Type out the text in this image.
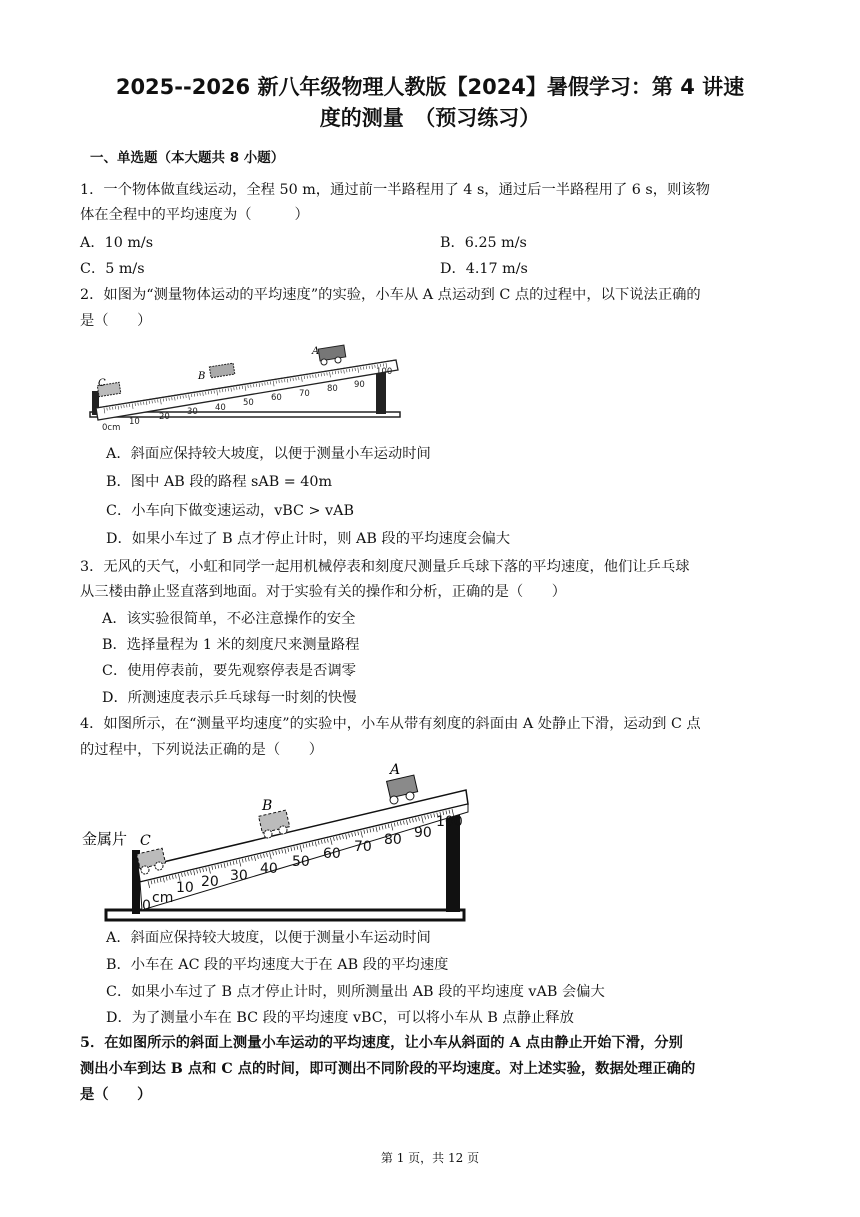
2025--2026 新八年级物理人教版【2024】暑假学习：第 4 讲速
度的测量　（预习练习）
一、单选题（本大题共 8 小题）
1．一个物体做直线运动，全程 50 m，通过前一半路程用了 4 s，通过后一半路程用了 6 s，则该物
体在全程中的平均速度为（　　　）
A．10 m/s	B．6.25 m/s
C．5 m/s	D．4.17 m/s
2．如图为“测量物体运动的平均速度”的实验，小车从 A 点运动到 C 点的过程中，以下说法正确的
是（　　）
A
B
C
0cm
10 20 30 40 50 60 70 80 90
100
A．斜面应保持较大坡度，以便于测量小车运动时间
B．图中 AB 段的路程 sAB = 40m
C．小车向下做变速运动，vBC > vAB
D．如果小车过了 B 点才停止计时，则 AB 段的平均速度会偏大
3．无风的天气，小虹和同学一起用机械停表和刻度尺测量乒乓球下落的平均速度，他们让乒乓球
从三楼由静止竖直落到地面。对于实验有关的操作和分析，正确的是（　　）
A．该实验很简单，不必注意操作的安全
B．选择量程为 1 米的刻度尺来测量路程
C．使用停表前，要先观察停表是否调零
D．所测速度表示乒乓球每一时刻的快慢
4．如图所示，在“测量平均速度”的实验中，小车从带有刻度的斜面由 A 处静止下滑，运动到 C 点
的过程中，下列说法正确的是（　　）
A
B
C
金属片
cm
0
10 20 30 40 50 60 70 80 90
100
A．斜面应保持较大坡度，以便于测量小车运动时间
B．小车在 AC 段的平均速度大于在 AB 段的平均速度
C．如果小车过了 B 点才停止计时，则所测量出 AB 段的平均速度 vAB 会偏大
D．为了测量小车在 BC 段的平均速度 vBC，可以将小车从 B 点静止释放
5．在如图所示的斜面上测量小车运动的平均速度，让小车从斜面的 A 点由静止开始下滑，分别
测出小车到达 B 点和 C 点的时间，即可测出不同阶段的平均速度。对上述实验，数据处理正确的
是（　　）
第 1 页，共 12 页
